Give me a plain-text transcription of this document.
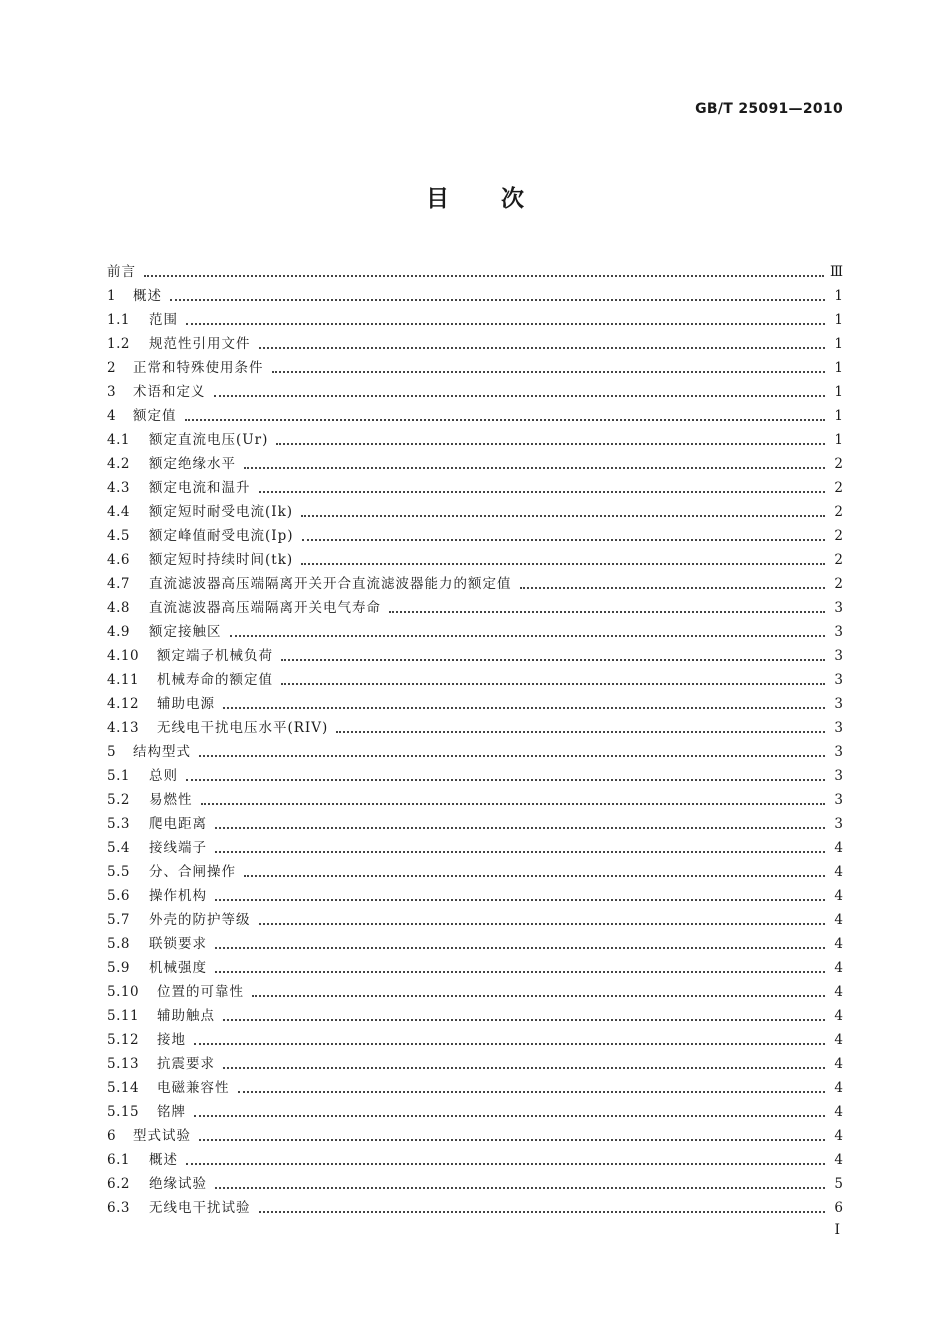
GB/T 25091—2010
目次
前言	Ⅲ
1	概述	1
1.1	范围	1
1.2	规范性引用文件	1
2	正常和特殊使用条件	1
3	术语和定义	1
4	额定值	1
4.1	额定直流电压(Ur)	1
4.2	额定绝缘水平	2
4.3	额定电流和温升	2
4.4	额定短时耐受电流(Ik)	2
4.5	额定峰值耐受电流(Ip)	2
4.6	额定短时持续时间(tk)	2
4.7	直流滤波器高压端隔离开关开合直流滤波器能力的额定值	2
4.8	直流滤波器高压端隔离开关电气寿命	3
4.9	额定接触区	3
4.10	额定端子机械负荷	3
4.11	机械寿命的额定值	3
4.12	辅助电源	3
4.13	无线电干扰电压水平(RIV)	3
5	结构型式	3
5.1	总则	3
5.2	易燃性	3
5.3	爬电距离	3
5.4	接线端子	4
5.5	分、合闸操作	4
5.6	操作机构	4
5.7	外壳的防护等级	4
5.8	联锁要求	4
5.9	机械强度	4
5.10	位置的可靠性	4
5.11	辅助触点	4
5.12	接地	4
5.13	抗震要求	4
5.14	电磁兼容性	4
5.15	铭牌	4
6	型式试验	4
6.1	概述	4
6.2	绝缘试验	5
6.3	无线电干扰试验	6
I
